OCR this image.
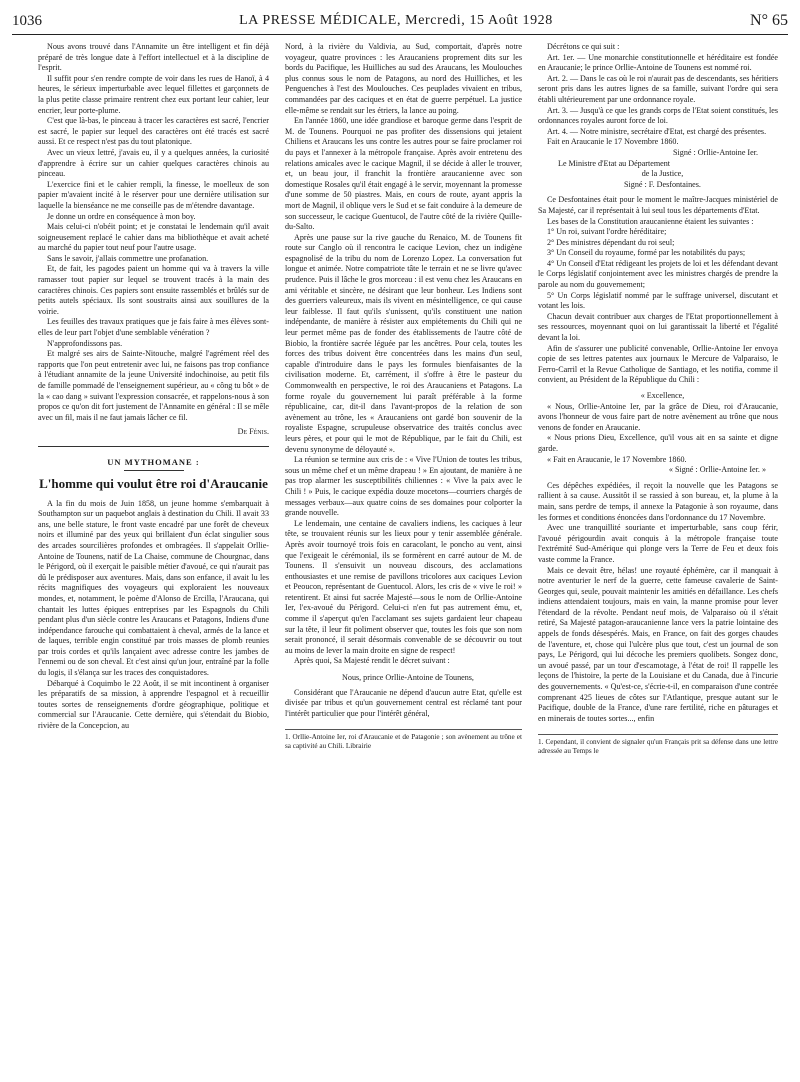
1036	LA PRESSE MÉDICALE, Mercredi, 15 Août 1928	N° 65

Nous avons trouvé dans l'Annamite un être intelligent et fin déjà préparé de très longue date à l'effort intellectuel et à la discipline de l'esprit.

Il suffit pour s'en rendre compte de voir dans les rues de Hanoï, à 4 heures, le sérieux imperturbable avec lequel fillettes et garçonnets de la plus petite classe primaire rentrent chez eux portant leur cahier, leur encrier, leur porte-plume.

C'est que là-bas, le pinceau à tracer les caractères est sacré, l'encrier est sacré, le papier sur lequel des caractères ont été tracés est sacré aussi. Et ce respect n'est pas du tout platonique.

Avec un vieux lettré, j'avais eu, il y a quelques années, la curiosité d'apprendre à écrire sur un cahier quelques caractères chinois au pinceau.

L'exercice fini et le cahier rempli, la finesse, le moelleux de son papier m'avaient incité à le réserver pour une dernière utilisation sur laquelle la bienséance ne me conseille pas de m'étendre davantage.

Je donne un ordre en conséquence à mon boy.

Mais celui-ci n'obéit point; et je constatai le lendemain qu'il avait soigneusement replacé le cahier dans ma bibliothèque et avait acheté au marché du papier tout neuf pour l'autre usage.

Sans le savoir, j'allais commettre une profanation.

Et, de fait, les pagodes paient un homme qui va à travers la ville ramasser tout papier sur lequel se trouvent tracés à la main des caractères chinois. Ces papiers sont ensuite rassemblés et brûlés sur de petits autels spéciaux. Ils sont soustraits ainsi aux souillures de la voirie.

Les feuilles des travaux pratiques que je fais faire à mes élèves sont-elles de leur part l'objet d'une semblable vénération ?

N'approfondissons pas.

Et malgré ses airs de Sainte-Nitouche, malgré l'agrément réel des rapports que l'on peut entretenir avec lui, ne faisons pas trop confiance à l'étudiant annamite de la jeune Université indochinoise, au petit fils de famille pommadé de l'enseignement supérieur, au « công tu bôt » de la « cao dang » suivant l'expression consacrée, et rappelons-nous à son propos ce qu'on dit fort justement de l'Annamite en général : Il se mêle avec un fil, mais il ne faut jamais lâcher ce fil.

De Fénis.
UN MYTHOMANE :
L'homme qui voulut être roi d'Araucanie

A la fin du mois de Juin 1858, un jeune homme s'embarquait à Southampton sur un paquebot anglais à destination du Chili. Il avait 33 ans, une belle stature, le front vaste encadré par une forêt de cheveux noirs et illuminé par des yeux qui brillaient d'un éclat singulier sous des arcades sourcilières profondes et ombragées. Il s'appelait Orllie-Antoine de Tounens, natif de La Chaise, commune de Chourgnac, dans le Périgord, où il exerçait le paisible métier d'avoué, ce qui n'aurait pas dû le prédisposer aux aventures. Mais, dans son enfance, il avait lu les récits magnifiques des voyageurs qui exploraient les nouveaux mondes, et, notamment, le poème d'Alonso de Ercilla, l'Araucana, qui chantait les luttes épiques entreprises par les Espagnols du Chili pendant plus d'un siècle contre les Araucans et Patagons, Indiens d'une indépendance farouche qui combattaient à cheval, armés de la lance et de laques, terrible engin constitué par trois masses de plomb reunies par trois cordes et qu'ils lançaient avec adresse contre les jambes de l'ennemi ou de son cheval. Et c'est ainsi qu'un jour, entraîné par la folle du logis, il s'élança sur les traces des conquistadores.

Débarqué à Coquimbo le 22 Août, il se mit incontinent à organiser les préparatifs de sa mission, à apprendre l'espagnol et à recueillir toutes sortes de renseignements d'ordre géographique, politique et commercial sur l'Araucanie. Cette dernière, qui s'étendait du Biobio, rivière de la Concepcion, au

Nord, à la rivière du Valdivia, au Sud, comportait, d'après notre voyageur, quatre provinces : les Araucaniens proprement dits sur les bords du Pacifique, les Huilliches au sud des Araucans, les Moulouches plus connus sous le nom de Patagons, au nord des Huilliches, et les Penguenches à l'est des Moulouches. Ces peuplades vivaient en tribus, commandées par des caciques et en état de guerre perpétuel. La justice elle-même se rendait sur les étriers, la lance au poing.

En l'année 1860, une idée grandiose et baroque germe dans l'esprit de M. de Tounens. Pourquoi ne pas profiter des dissensions qui jetaient Chiliens et Araucans les uns contre les autres pour se faire proclamer roi du pays et l'annexer à la métropole française. Après avoir entretenu des relations amicales avec le cacique Magnil, il se décide à aller le trouver, et, un beau jour, il franchit la frontière araucanienne avec son domestique Rosales qu'il était engagé à le servir, moyennant la promesse d'une somme de 50 piastres. Mais, en cours de route, ayant appris la mort de Magnil, il oblique vers le Sud et se fait conduire à la demeure de son successeur, le cacique Guentucol, de l'autre côté de la rivière Quille-du-Salto.

Après une pause sur la rive gauche du Renaico, M. de Tounens fit route sur Canglo où il rencontra le cacique Levion, chez un indigène espagnolisé de la tribu du nom de Lorenzo Lopez. La conversation fut longue et animée. Notre compatriote tâte le terrain et ne se livre qu'avec prudence. Puis il lâche le gros morceau : il est venu chez les Araucans en ami véritable et sincère, ne désirant que leur bonheur. Les Indiens sont des guerriers valeureux, mais ils vivent en mésintelligence, ce qui cause leur faiblesse. Il faut qu'ils s'unissent, qu'ils constituent une nation indépendante, de manière à résister aux empiétements du Chili qui ne leur permet même pas de fonder des établissements de l'autre côté de Biobio, la frontière sacrée léguée par les ancêtres. Pour cela, toutes les forces des tribus doivent être concentrées dans les mains d'un seul, capable d'introduire dans le pays les formules bienfaisantes de la civilisation moderne. Et, carrément, il s'offre à être le pasteur du Commonwealth en perspective, le roi des Araucaniens et Patagons. La forme royale du gouvernement lui paraît préférable à la forme républicaine, car, dit-il dans l'avant-propos de la relation de son avènement au trône, les « Araucaniens ont gardé bon souvenir de la royaliste Espagne, scrupuleuse observatrice des traités conclus avec leurs pères, et pour qui le mot de République, par le fait du Chili, est devenu synonyme de déloyauté ».

La réunion se termine aux cris de : « Vive l'Union de toutes les tribus, sous un même chef et un même drapeau ! » En ajoutant, de manière à ne pas trop alarmer les susceptibilités chiliennes : « Vive la paix avec le Chili ! » Puis, le cacique expédia douze mocetons—courriers chargés de messages verbaux—aux quatre coins de ses domaines pour colporter la grande nouvelle.

Le lendemain, une centaine de cavaliers indiens, les caciques à leur tête, se trouvaient réunis sur les lieux pour y tenir assemblée générale. Après avoir tournoyé trois fois en caracolant, le poncho au vent, ainsi que l'exigeait le cérémonial, ils se formèrent en carré autour de M. de Tounens. Il s'ensuivit un nouveau discours, des acclamations enthousiastes et une remise de pavillons tricolores aux caciques Levion et Peoucon, représentant de Guentucol. Alors, les cris de « vive le roi! » retentirent. Et ainsi fut sacrée Majesté—sous le nom de Orllie-Antoine Ier, l'ex-avoué du Périgord. Celui-ci n'en fut pas autrement ému, et, comme il s'aperçut qu'en l'acclamant ses sujets gardaient leur chapeau sur la tête, il leur fit poliment observer que, toutes les fois que son nom serait prononcé, il serait désormais convenable de se découvrir ou tout au moins de lever la main droite en signe de respect!

Après quoi, Sa Majesté rendit le décret suivant :

Nous, prince Orllie-Antoine de Tounens,

Considérant que l'Araucanie ne dépend d'aucun autre Etat, qu'elle est divisée par tribus et qu'un gouvernement central est réclamé tant pour l'intérêt particulier que pour l'intérêt général,

1. Orllie-Antoine Ier, roi d'Araucanie et de Patagonie ; son avènement au trône et sa captivité au Chili. Librairie

Décrétons ce qui suit :

Art. 1er. — Une monarchie constitutionnelle et héréditaire est fondée en Araucanie; le prince Orllie-Antoine de Tounens est nommé roi.

Art. 2. — Dans le cas où le roi n'aurait pas de descendants, ses héritiers seront pris dans les autres lignes de sa famille, suivant l'ordre qui sera établi ultérieurement par une ordonnance royale.

Art. 3. — Jusqu'à ce que les grands corps de l'Etat soient constitués, les ordonnances royales auront force de loi.

Art. 4. — Notre ministre, secrétaire d'Etat, est chargé des présentes.

Fait en Araucanie le 17 Novembre 1860.

Signé : Orllie-Antoine Ier.

Le Ministre d'Etat au Département

de la Justice,

Signé : F. Desfontaines.

Ce Desfontaines était pour le moment le maître-Jacques ministériel de Sa Majesté, car il représentait à lui seul tous les départements d'Etat.

Les bases de la Constitution araucanienne étaient les suivantes :

1° Un roi, suivant l'ordre héréditaire;

2° Des ministres dépendant du roi seul;

3° Un Conseil du royaume, formé par les notabilités du pays;

4° Un Conseil d'Etat rédigeant les projets de loi et les défendant devant le Corps législatif conjointement avec les ministres chargés de prendre la parole au nom du gouvernement;

5° Un Corps législatif nommé par le suffrage universel, discutant et votant les lois.

Chacun devait contribuer aux charges de l'Etat proportionnellement à ses ressources, moyennant quoi on lui garantissait la liberté et l'égalité devant la loi.

Afin de s'assurer une publicité convenable, Orllie-Antoine Ier envoya copie de ses lettres patentes aux journaux le Mercure de Valparaiso, le Ferro-Carril et la Revue Catholique de Santiago, et les notifia, comme il convient, au Président de la République du Chili :

« Excellence,

« Nous, Orllie-Antoine Ier, par la grâce de Dieu, roi d'Araucanie, avons l'honneur de vous faire part de notre avènement au trône que nous venons de fonder en Araucanie.

« Nous prions Dieu, Excellence, qu'il vous ait en sa sainte et digne garde.

« Fait en Araucanie, le 17 Novembre 1860.

« Signé : Orllie-Antoine Ier. »

Ces dépêches expédiées, il reçoit la nouvelle que les Patagons se rallient à sa cause. Aussitôt il se rassied à son bureau, et, la plume à la main, sans perdre de temps, il annexe la Patagonie à son royaume, dans les formes et conditions énoncées dans l'ordonnance du 17 Novembre.

Avec une tranquillité souriante et imperturbable, sans coup férir, l'avoué périgourdin avait conquis à la métropole française toute l'extrémité Sud-Amérique qui plonge vers la Terre de Feu et deux fois vaste comme la France.

Mais ce devait être, hélas! une royauté éphémère, car il manquait à notre aventurier le nerf de la guerre, cette fameuse cavalerie de Saint-Georges qui, seule, pouvait maintenir les amitiés en défaillance. Les chefs indiens attendaient toujours, mais en vain, la manne promise pour lever l'étendard de la révolte. Pendant neuf mois, de Valparaiso où il s'était retiré, Sa Majesté patagon-araucanienne lance vers la patrie lointaine des appels de fonds désespérés. Mais, en France, on fait des gorges chaudes de l'aventure, et, chose qui l'ulcère plus que tout, c'est un journal de son pays, Le Périgord, qui lui décoche les premiers quolibets. Songez donc, un avoué passé, par un tour d'escamotage, à l'état de roi! Il rappelle les leçons de l'histoire, la perte de la Louisiane et du Canada, due à l'incurie des gouvernements. « Qu'est-ce, s'écrie-t-il, en comparaison d'une contrée comprenant 425 lieues de côtes sur l'Atlantique, presque autant sur le Pacifique, double de la France, d'une rare fertilité, riche en pâturages et en minerais de toutes sortes..., enfin

1. Cependant, il convient de signaler qu'un Français prit sa défense dans une lettre adressée au Temps le
